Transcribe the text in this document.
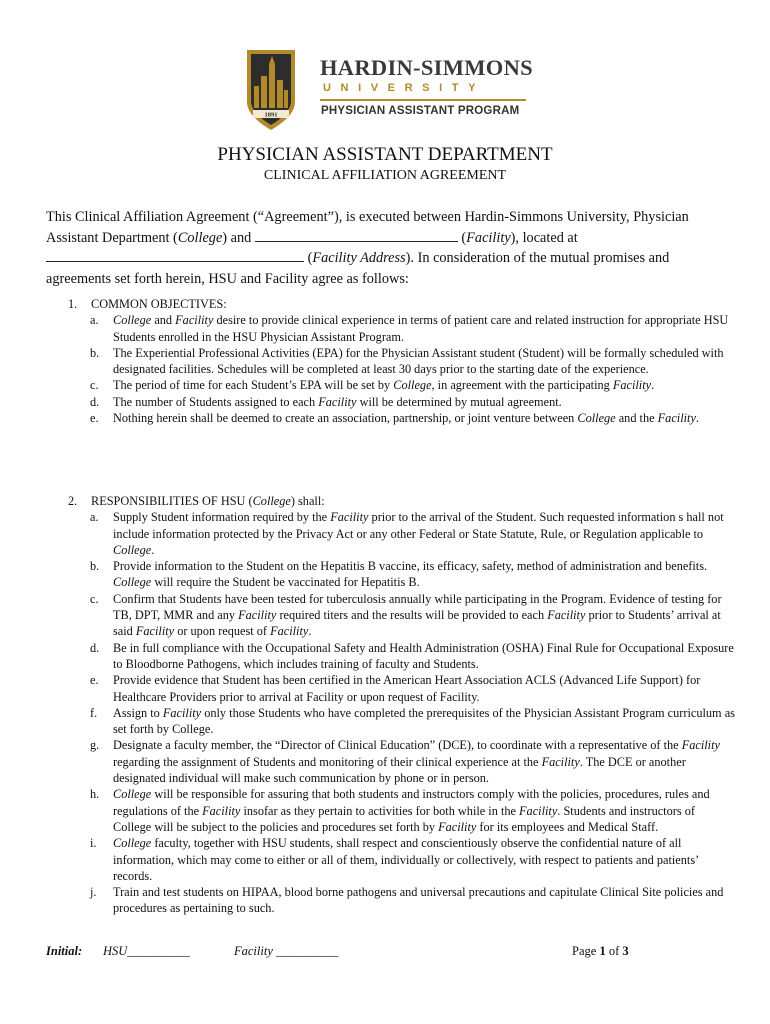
1891
HARDIN-SIMMONS
UNIVERSITY
PHYSICIAN ASSISTANT PROGRAM
PHYSICIAN ASSISTANT DEPARTMENT
CLINICAL AFFILIATION AGREEMENT
This Clinical Affiliation Agreement (“Agreement”), is executed between Hardin-Simmons University, Physician Assistant Department (College) and	(Facility), located at  (Facility Address). In consideration of the mutual promises and agreements set forth herein, HSU and Facility agree as follows:
1. COMMON OBJECTIVES:
a. College and Facility desire to provide clinical experience in terms of patient care and related instruction for appropriate HSU Students enrolled in the HSU Physician Assistant Program.
b. The Experiential Professional Activities (EPA) for the Physician Assistant student (Student) will be formally scheduled with designated facilities. Schedules will be completed at least 30 days prior to the starting date of the experience.
c. The period of time for each Student’s EPA will be set by College, in agreement with the participating Facility.
d. The number of Students assigned to each Facility will be determined by mutual agreement.
e. Nothing herein shall be deemed to create an association, partnership, or joint venture between College and the Facility.
2. RESPONSIBILITIES OF HSU (College) shall:
a. Supply Student information required by the Facility prior to the arrival of the Student. Such requested information s hall not include information protected by the Privacy Act or any other Federal or State Statute, Rule, or Regulation applicable to College.
b. Provide information to the Student on the Hepatitis B vaccine, its efficacy, safety, method of administration and benefits. College will require the Student be vaccinated for Hepatitis B.
c. Confirm that Students have been tested for tuberculosis annually while participating in the Program. Evidence of testing for TB, DPT, MMR and any Facility required titers and the results will be provided to each Facility prior to Students’ arrival at said Facility or upon request of Facility.
d. Be in full compliance with the Occupational Safety and Health Administration (OSHA) Final Rule for Occupational Exposure to Bloodborne Pathogens, which includes training of faculty and Students.
e. Provide evidence that Student has been certified in the American Heart Association ACLS (Advanced Life Support) for Healthcare Providers prior to arrival at Facility or upon request of Facility.
f. Assign to Facility only those Students who have completed the prerequisites of the Physician Assistant Program curriculum as set forth by College.
g. Designate a faculty member, the “Director of Clinical Education” (DCE), to coordinate with a representative of the Facility regarding the assignment of Students and monitoring of their clinical experience at the Facility. The DCE or another designated individual will make such communication by phone or in person.
h. College will be responsible for assuring that both students and instructors comply with the policies, procedures, rules and regulations of the Facility insofar as they pertain to activities for both while in the Facility. Students and instructors of College will be subject to the policies and procedures set forth by Facility for its employees and Medical Staff.
i. College faculty, together with HSU students, shall respect and conscientiously observe the confidential nature of all information, which may come to either or all of them, individually or collectively, with respect to patients and patients’ records.
j. Train and test students on HIPAA, blood borne pathogens and universal precautions and capitulate Clinical Site policies and procedures as pertaining to such.
Initial: HSU__________	Facility __________	Page 1 of 3
